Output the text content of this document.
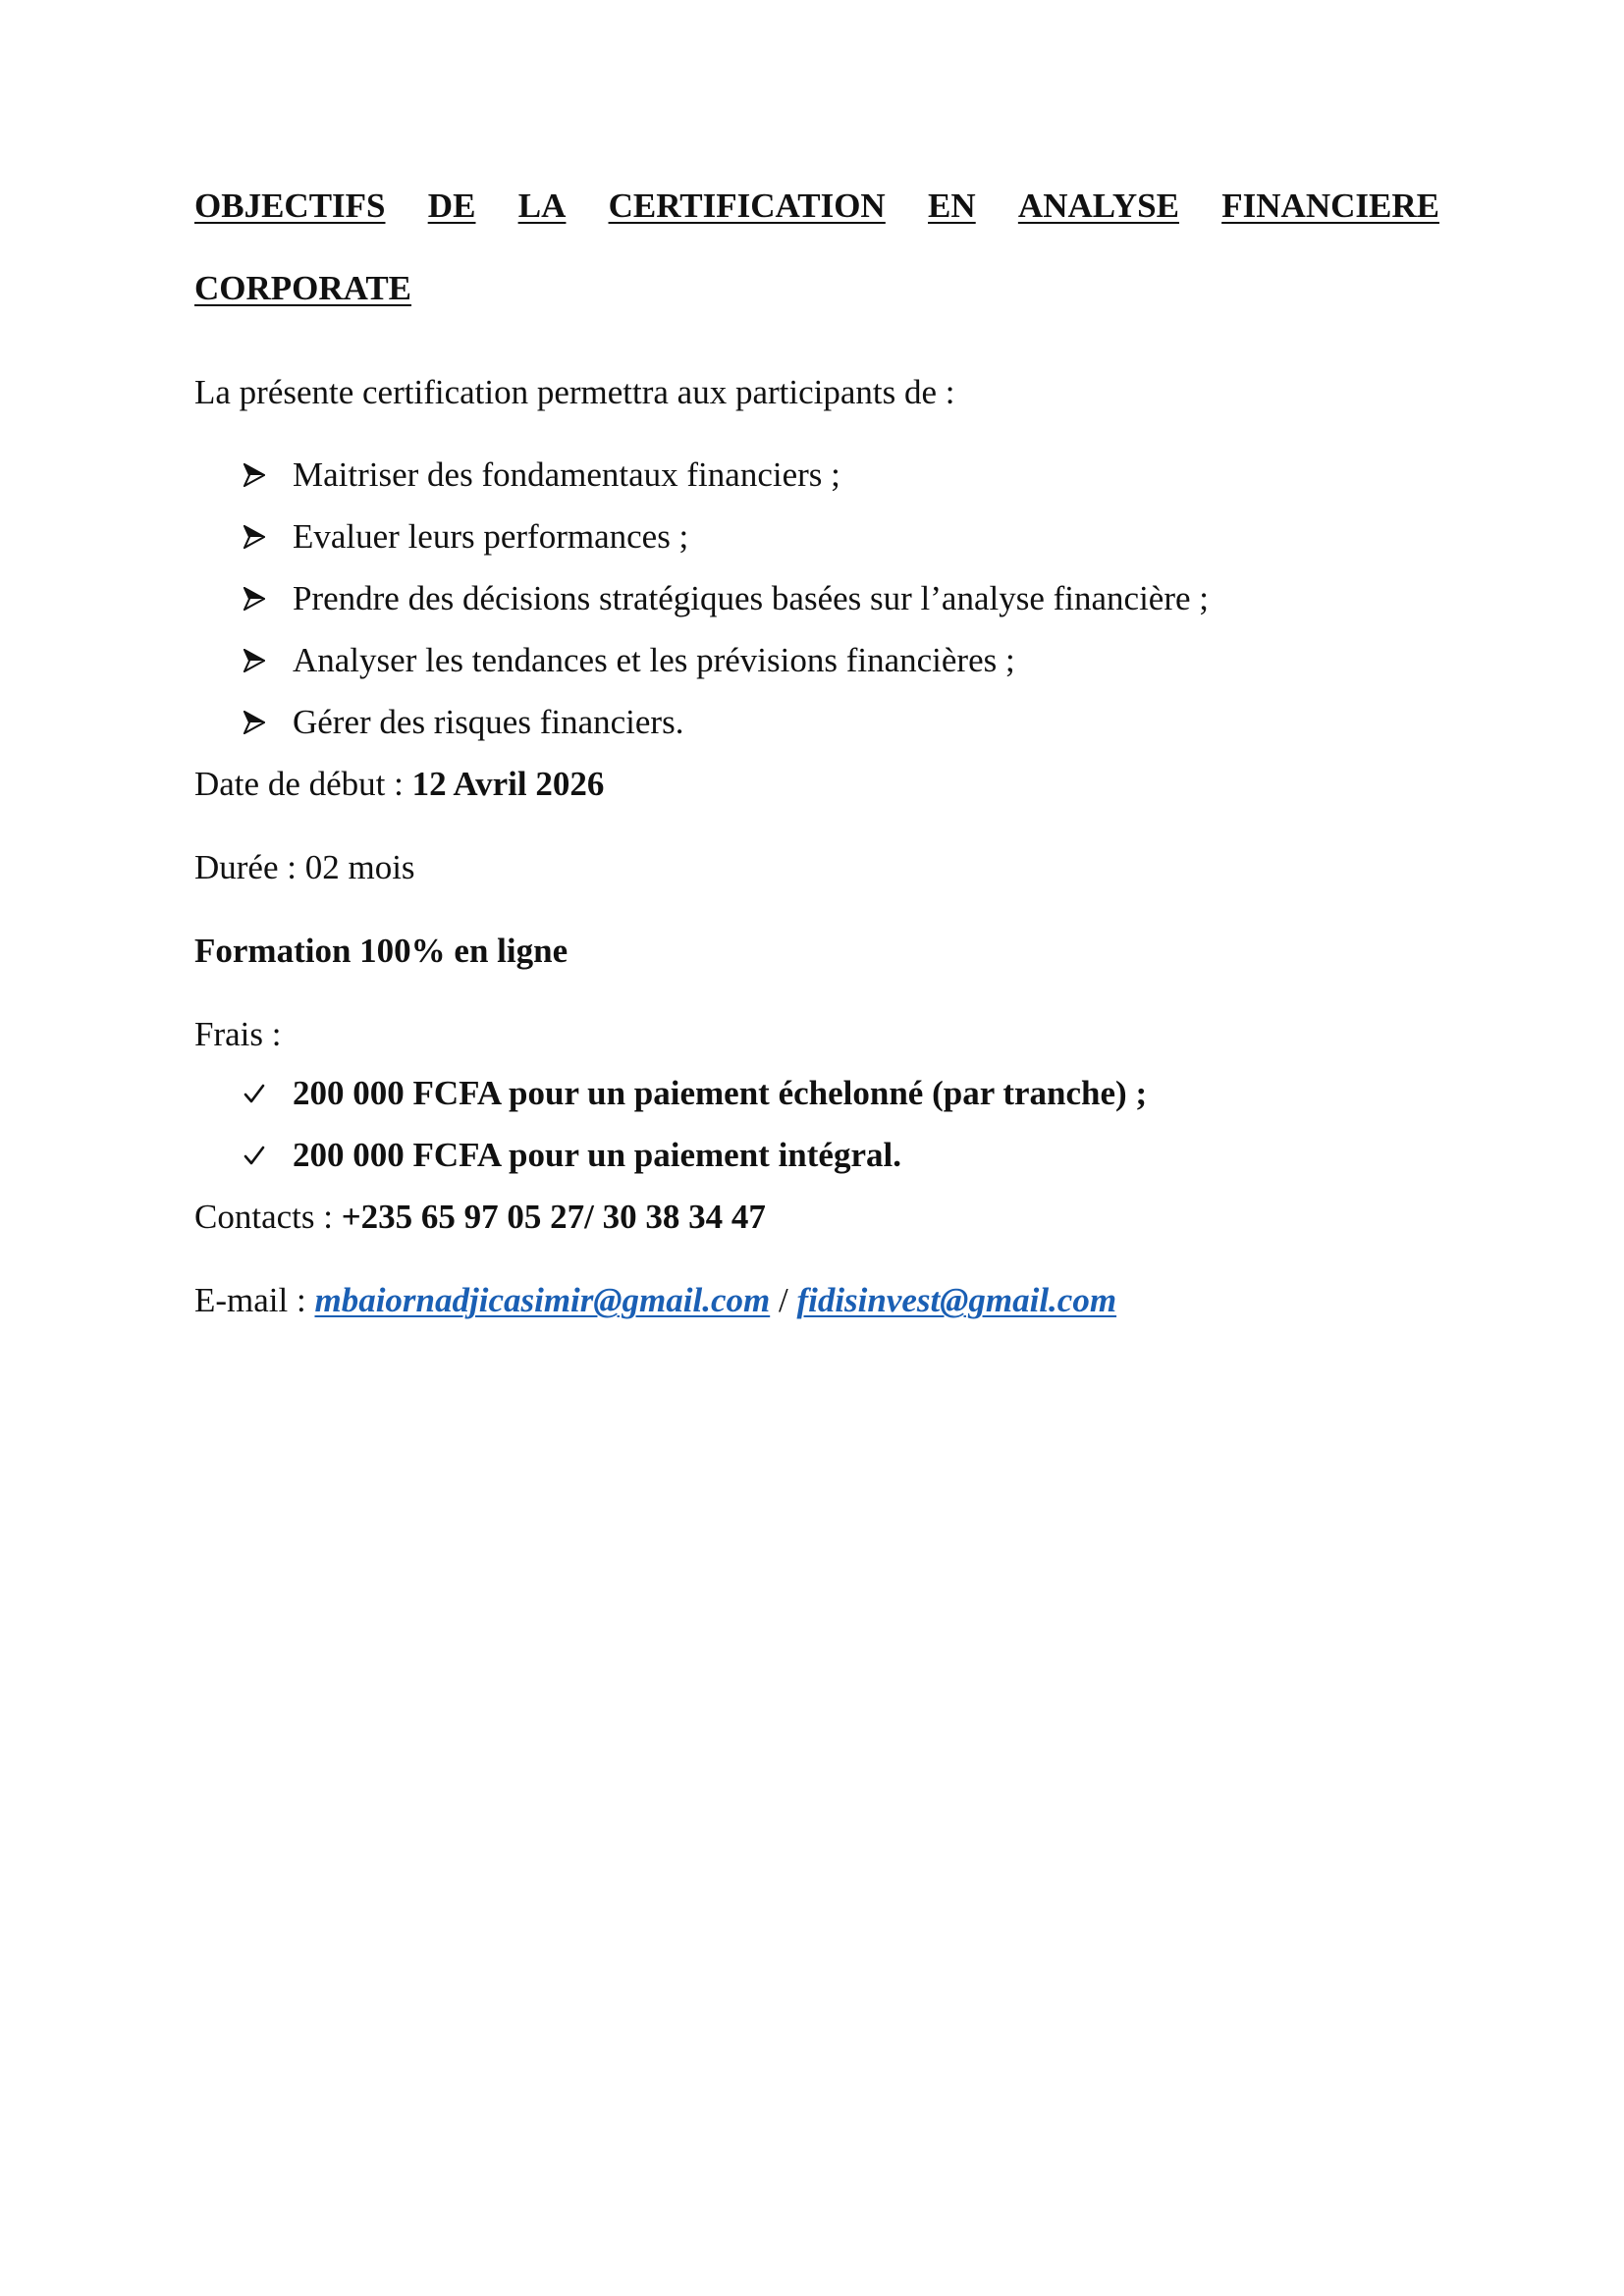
OBJECTIFS DE LA CERTIFICATION EN ANALYSE FINANCIERE

CORPORATE

La présente certification permettra aux participants de :

Maitriser des fondamentaux financiers ;
Evaluer leurs performances ;
Prendre des décisions stratégiques basées sur l’analyse financière ;
Analyser les tendances et les prévisions financières ;
Gérer des risques financiers.

Date de début : 12 Avril 2026

Durée : 02 mois

Formation 100% en ligne

Frais :

200 000 FCFA pour un paiement échelonné (par tranche) ;
200 000 FCFA pour un paiement intégral.

Contacts : +235 65 97 05 27/ 30 38 34 47

E-mail : mbaiornadjicasimir@gmail.com / fidisinvest@gmail.com
